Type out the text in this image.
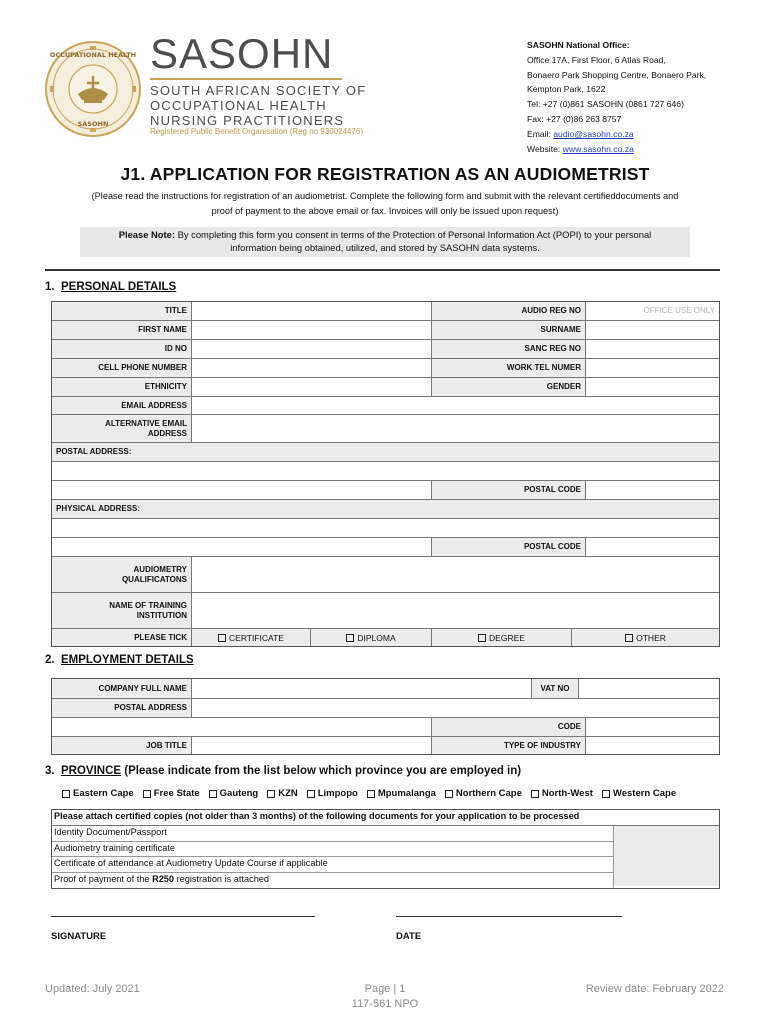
OCCUPATIONAL HEALTH
SASOHN
SASOHN
SOUTH AFRICAN SOCIETY OF
OCCUPATIONAL HEALTH
NURSING PRACTITIONERS
Registered Public Benefit Organisation (Reg no 930024476)
SASOHN National Office:
Office 17A, First Floor, 6 Atlas Road,
Bonaero Park Shopping Centre, Bonaero Park,
Kempton Park, 1622
Tel: +27 (0)861 SASOHN (0861 727 646)
Fax: +27 (0)86 263 8757
Email: audio@sasohn.co.za
Website: www.sasohn.co.za
J1. APPLICATION FOR REGISTRATION AS AN AUDIOMETRIST
(Please read the instructions for registration of an audiometrist. Complete the following form and submit with the relevant certifieddocuments and
proof of payment to the above email or fax. Invoices will only be issued upon request)
Please Note: By completing this form you consent in terms of the Protection of Personal Information Act (POPI) to your personal
information being obtained, utilized, and stored by SASOHN data systems.
1. PERSONAL DETAILS
TITLE	AUDIO REG NO	OFFICE USE ONLY
FIRST NAME	SURNAME
ID NO	SANC REG NO
CELL PHONE NUMBER	WORK TEL NUMER
ETHNICITY	GENDER
EMAIL ADDRESS
ALTERNATIVE EMAIL
ADDRESS
POSTAL ADDRESS:
POSTAL CODE
PHYSICAL ADDRESS:
POSTAL CODE
AUDIOMETRY
QUALIFICATONS
NAME OF TRAINING
INSTITUTION
PLEASE TICK	CERTIFICATE	DIPLOMA	DEGREE	OTHER
2. EMPLOYMENT DETAILS
COMPANY FULL NAME	VAT NO
POSTAL ADDRESS
CODE
JOB TITLE	TYPE OF INDUSTRY
3. PROVINCE (Please indicate from the list below which province you are employed in)
Eastern Cape Free State Gauteng KZN Limpopo Mpumalanga Northern Cape North-West Western Cape
Please attach certified copies (not older than 3 months) of the following documents for your application to be processed
Identity Document/Passport
Audiometry training certificate
Certificate of attendance at Audiometry Update Course if applicable
Proof of payment of the R250 registration is attached
SIGNATURE	DATE
Updated: July 2021	Page | 1
117-561 NPO
Review date: February 2022
